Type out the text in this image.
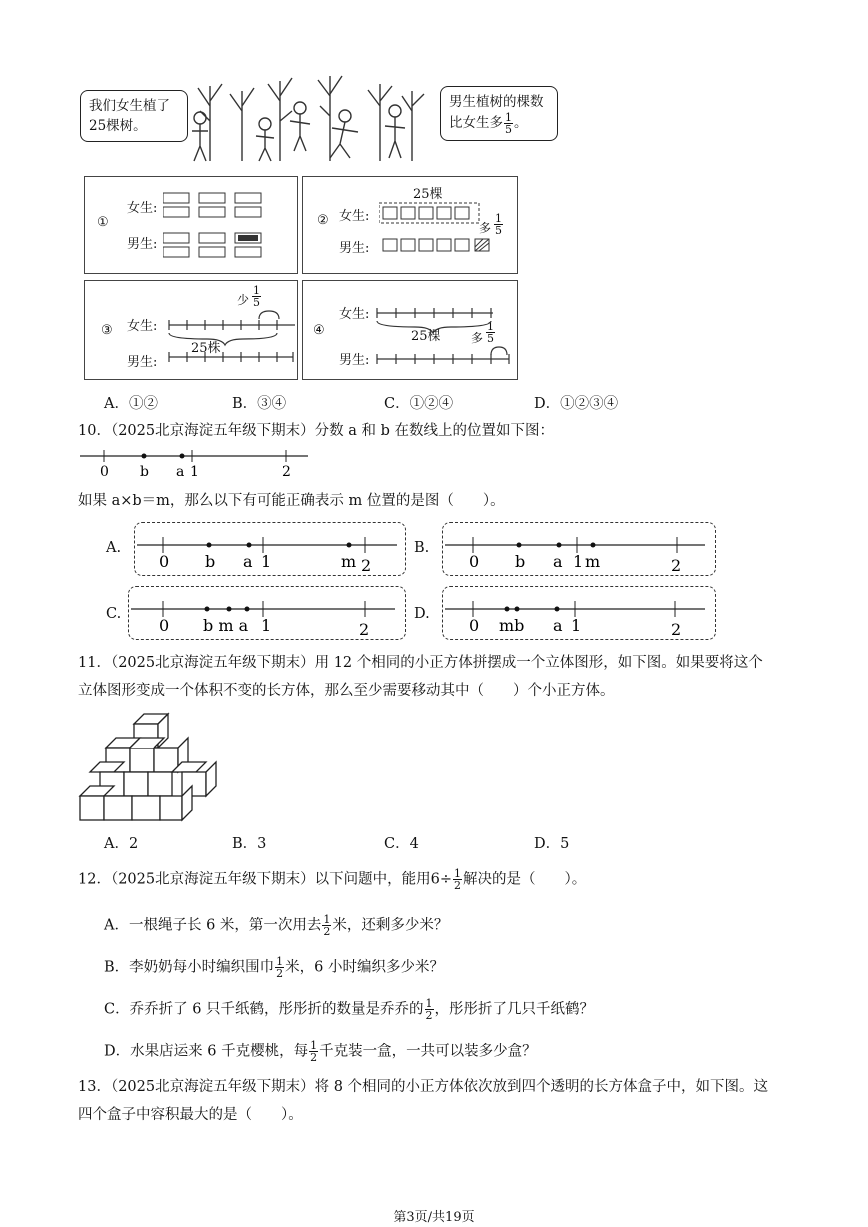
我们女生植了25棵树。
男生植树的棵数比女生多 $\frac{1}{5}$ 。
①
女生:
男生:
②
25棵
女生:
男生:
多 $\frac{1}{5}$
③
少 $\frac{1}{5}$
女生:
25株
男生:
④
女生:
25棵	多 $\frac{1}{5}$
男生:
A．①②	B．③④	C．①②④	D．①②③④
10．（2025北京海淀五年级下期末）分数 a 和 b 在数线上的位置如下图：
0 b a 1	2
如果 a×b＝m，那么以下有可能正确表示 m 位置的是图（　　）。
A.
0 b a 1	m 2
B.
0 b a 1 m	2
C.
0 b m a 1	2
D.
0 mb a 1	2
11．（2025北京海淀五年级下期末）用 12 个相同的小正方体拼摆成一个立体图形，如下图。如果要将这个
立体图形变成一个体积不变的长方体，那么至少需要移动其中（　　）个小正方体。
A．2	B．3	C．4	D．5
12．（2025北京海淀五年级下期末）以下问题中，能用$6\div \frac{1}{2}$ 解决的是（　　）。
A．一根绳子长 6 米，第一次用去 $\frac{1}{2}$ 米，还剩多少米？
B．李奶奶每小时编织围巾 $\frac{1}{2}$ 米，6 小时编织多少米？
C．乔乔折了 6 只千纸鹤，彤彤折的数量是乔乔的 $\frac{1}{2}$ ，彤彤折了几只千纸鹤？
D．水果店运来 6 千克樱桃，每 $\frac{1}{2}$ 千克装一盒，一共可以装多少盒？
13．（2025北京海淀五年级下期末）将 8 个相同的小正方体依次放到四个透明的长方体盒子中，如下图。这
四个盒子中容积最大的是（　　）。
第3页/共19页
